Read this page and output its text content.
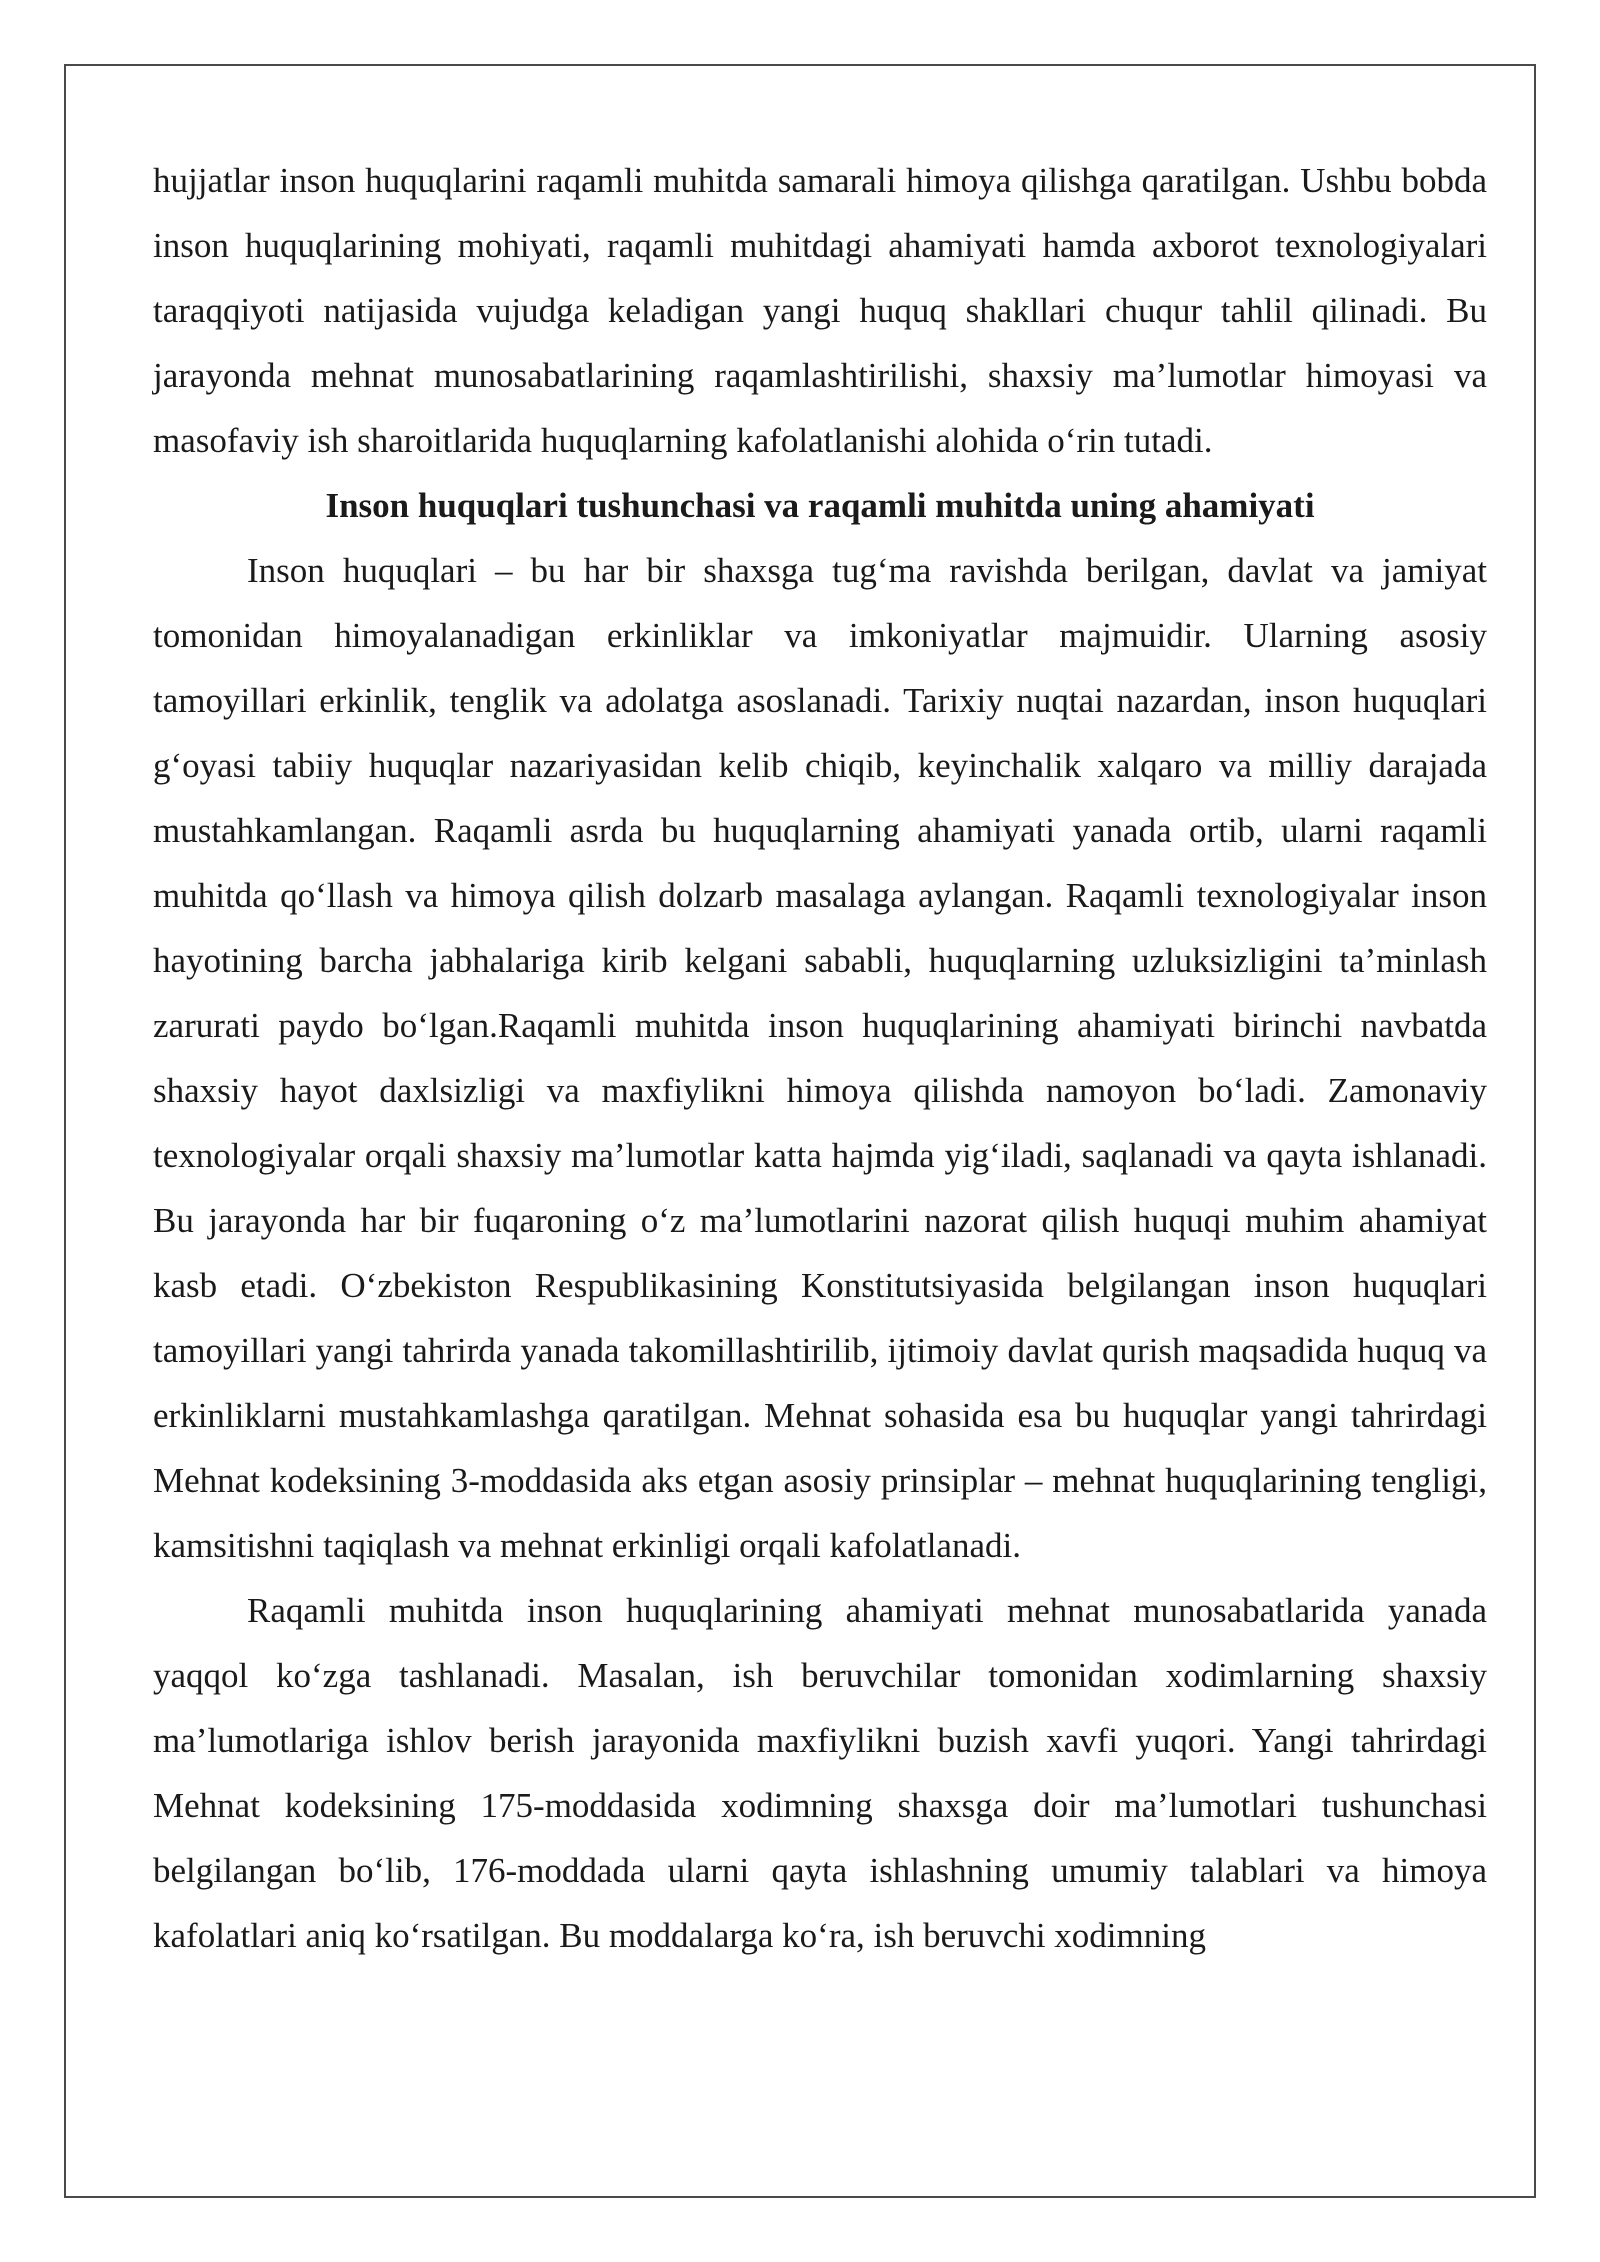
hujjatlar inson huquqlarini raqamli muhitda samarali himoya qilishga qaratilgan. Ushbu bobda inson huquqlarining mohiyati, raqamli muhitdagi ahamiyati hamda axborot texnologiyalari taraqqiyoti natijasida vujudga keladigan yangi huquq shakllari chuqur tahlil qilinadi. Bu jarayonda mehnat munosabatlarining raqamlashtirilishi, shaxsiy ma’lumotlar himoyasi va masofaviy ish sharoitlarida huquqlarning kafolatlanishi alohida o‘rin tutadi.

Inson huquqlari tushunchasi va raqamli muhitda uning ahamiyati

Inson huquqlari – bu har bir shaxsga tug‘ma ravishda berilgan, davlat va jamiyat tomonidan himoyalanadigan erkinliklar va imkoniyatlar majmuidir. Ularning asosiy tamoyillari erkinlik, tenglik va adolatga asoslanadi. Tarixiy nuqtai nazardan, inson huquqlari g‘oyasi tabiiy huquqlar nazariyasidan kelib chiqib, keyinchalik xalqaro va milliy darajada mustahkamlangan. Raqamli asrda bu huquqlarning ahamiyati yanada ortib, ularni raqamli muhitda qo‘llash va himoya qilish dolzarb masalaga aylangan. Raqamli texnologiyalar inson hayotining barcha jabhalariga kirib kelgani sababli, huquqlarning uzluksizligini ta’minlash zarurati paydo bo‘lgan.Raqamli muhitda inson huquqlarining ahamiyati birinchi navbatda shaxsiy hayot daxlsizligi va maxfiylikni himoya qilishda namoyon bo‘ladi. Zamonaviy texnologiyalar orqali shaxsiy ma’lumotlar katta hajmda yig‘iladi, saqlanadi va qayta ishlanadi. Bu jarayonda har bir fuqaroning o‘z ma’lumotlarini nazorat qilish huquqi muhim ahamiyat kasb etadi. O‘zbekiston Respublikasining Konstitutsiyasida belgilangan inson huquqlari tamoyillari yangi tahrirda yanada takomillashtirilib, ijtimoiy davlat qurish maqsadida huquq va erkinliklarni mustahkamlashga qaratilgan. Mehnat sohasida esa bu huquqlar yangi tahrirdagi Mehnat kodeksining 3-moddasida aks etgan asosiy prinsiplar – mehnat huquqlarining tengligi, kamsitishni taqiqlash va mehnat erkinligi orqali kafolatlanadi.

Raqamli muhitda inson huquqlarining ahamiyati mehnat munosabatlarida yanada yaqqol ko‘zga tashlanadi. Masalan, ish beruvchilar tomonidan xodimlarning shaxsiy ma’lumotlariga ishlov berish jarayonida maxfiylikni buzish xavfi yuqori. Yangi tahrirdagi Mehnat kodeksining 175-moddasida xodimning shaxsga doir ma’lumotlari tushunchasi belgilangan bo‘lib, 176-moddada ularni qayta ishlashning umumiy talablari va himoya kafolatlari aniq ko‘rsatilgan. Bu moddalarga ko‘ra, ish beruvchi xodimning
